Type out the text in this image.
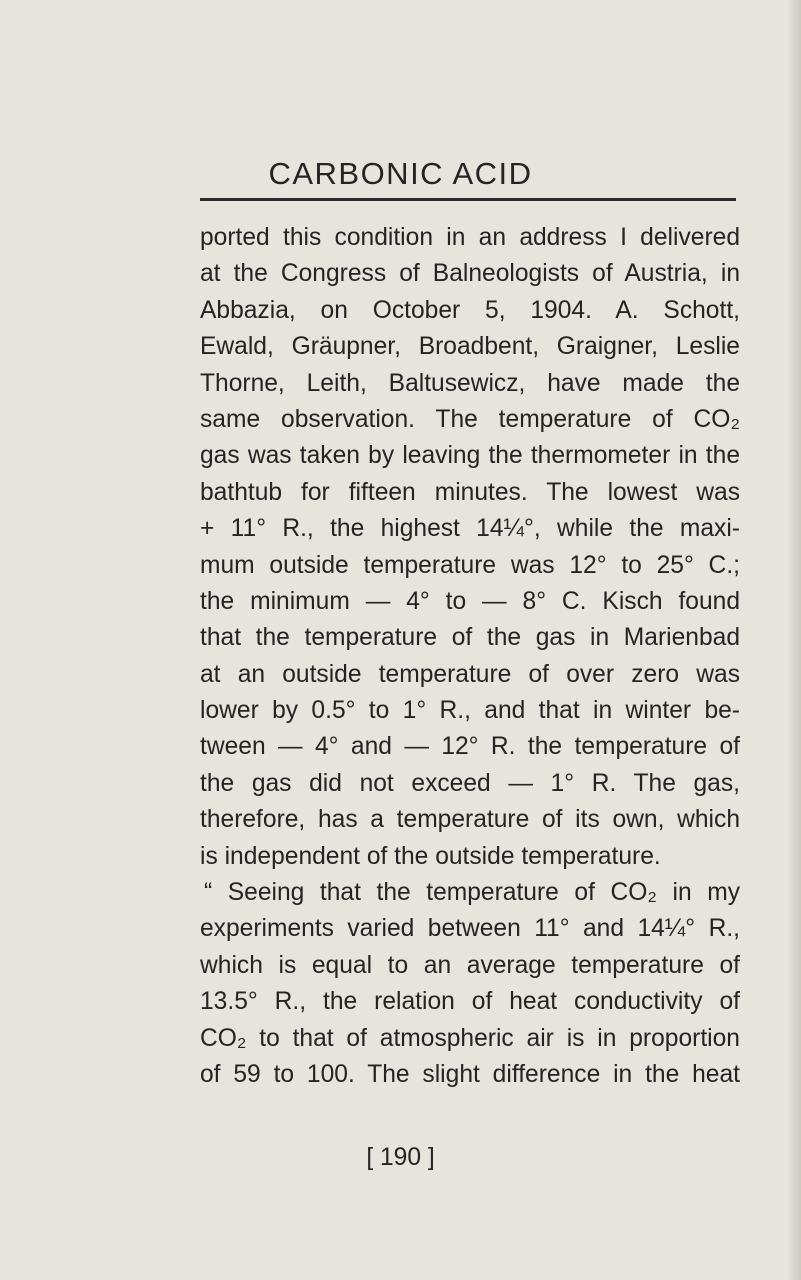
CARBONIC ACID
ported this condition in an address I delivered
at the Congress of Balneologists of Austria, in
Abbazia, on October 5, 1904. A. Schott,
Ewald, Gräupner, Broadbent, Graigner, Leslie
Thorne, Leith, Baltusewicz, have made the
same observation. The temperature of CO₂
gas was taken by leaving the thermometer in the
bathtub for fifteen minutes. The lowest was
+ 11° R., the highest 14¼°, while the maxi-
mum outside temperature was 12° to 25° C.;
the minimum — 4° to — 8° C. Kisch found
that the temperature of the gas in Marienbad
at an outside temperature of over zero was
lower by 0.5° to 1° R., and that in winter be-
tween — 4° and — 12° R. the temperature of
the gas did not exceed — 1° R. The gas,
therefore, has a temperature of its own, which
is independent of the outside temperature.
“ Seeing that the temperature of CO₂ in my
experiments varied between 11° and 14¼° R.,
which is equal to an average temperature of
13.5° R., the relation of heat conductivity of
CO₂ to that of atmospheric air is in proportion
of 59 to 100. The slight difference in the heat
[ 190 ]
